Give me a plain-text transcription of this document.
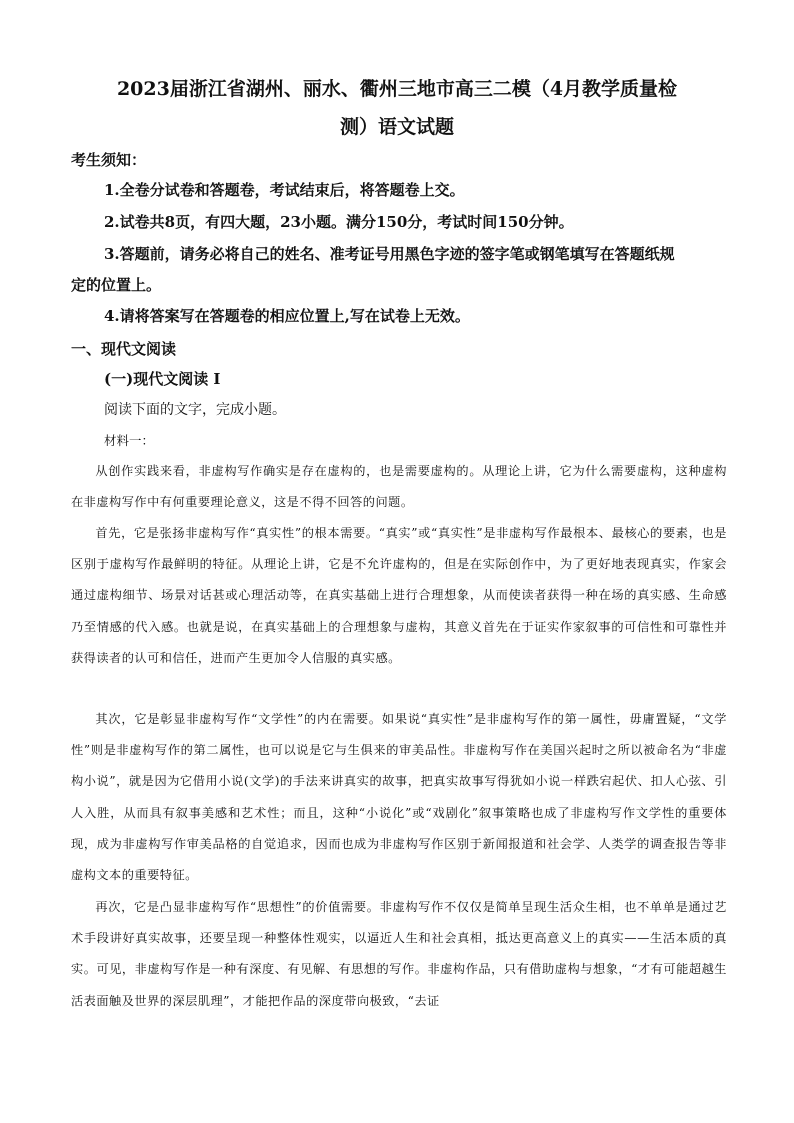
2023届浙江省湖州、丽水、衢州三地市高三二模（4月教学质量检
测）语文试题
考生须知：
1.全卷分试卷和答题卷，考试结束后，将答题卷上交。
2.试卷共8页，有四大题，23小题。满分150分，考试时间150分钟。
3.答题前，请务必将自己的姓名、准考证号用黑色字迹的签字笔或钢笔填写在答题纸规
定的位置上。
4.请将答案写在答题卷的相应位置上,写在试卷上无效。
一、现代文阅读
(一)现代文阅读 I
阅读下面的文字，完成小题。
材料一：
从创作实践来看，非虚构写作确实是存在虚构的，也是需要虚构的。从理论上讲，它为什么需要虚构，这种虚构在非虚构写作中有何重要理论意义，这是不得不回答的问题。
首先，它是张扬非虚构写作“真实性”的根本需要。“真实”或“真实性”是非虚构写作最根本、最核心的要素，也是区别于虚构写作最鲜明的特征。从理论上讲，它是不允许虚构的，但是在实际创作中，为了更好地表现真实，作家会通过虚构细节、场景对话甚或心理活动等，在真实基础上进行合理想象，从而使读者获得一种在场的真实感、生命感乃至情感的代入感。也就是说，在真实基础上的合理想象与虚构，其意义首先在于证实作家叙事的可信性和可靠性并获得读者的认可和信任，进而产生更加令人信服的真实感。
其次，它是彰显非虚构写作“文学性”的内在需要。如果说“真实性”是非虚构写作的第一属性，毋庸置疑，“文学性”则是非虚构写作的第二属性，也可以说是它与生俱来的审美品性。非虚构写作在美国兴起时之所以被命名为“非虚构小说”，就是因为它借用小说(文学)的手法来讲真实的故事，把真实故事写得犹如小说一样跌宕起伏、扣人心弦、引人入胜，从而具有叙事美感和艺术性；而且，这种“小说化”或“戏剧化”叙事策略也成了非虚构写作文学性的重要体现，成为非虚构写作审美品格的自觉追求，因而也成为非虚构写作区别于新闻报道和社会学、人类学的调查报告等非虚构文本的重要特征。
再次，它是凸显非虚构写作“思想性”的价值需要。非虚构写作不仅仅是简单呈现生活众生相，也不单单是通过艺术手段讲好真实故事，还要呈现一种整体性观实，以逼近人生和社会真相，抵达更高意义上的真实——生活本质的真实。可见，非虚构写作是一种有深度、有见解、有思想的写作。非虚构作品，只有借助虚构与想象，“才有可能超越生活表面触及世界的深层肌理”，才能把作品的深度带向极致，“去证
